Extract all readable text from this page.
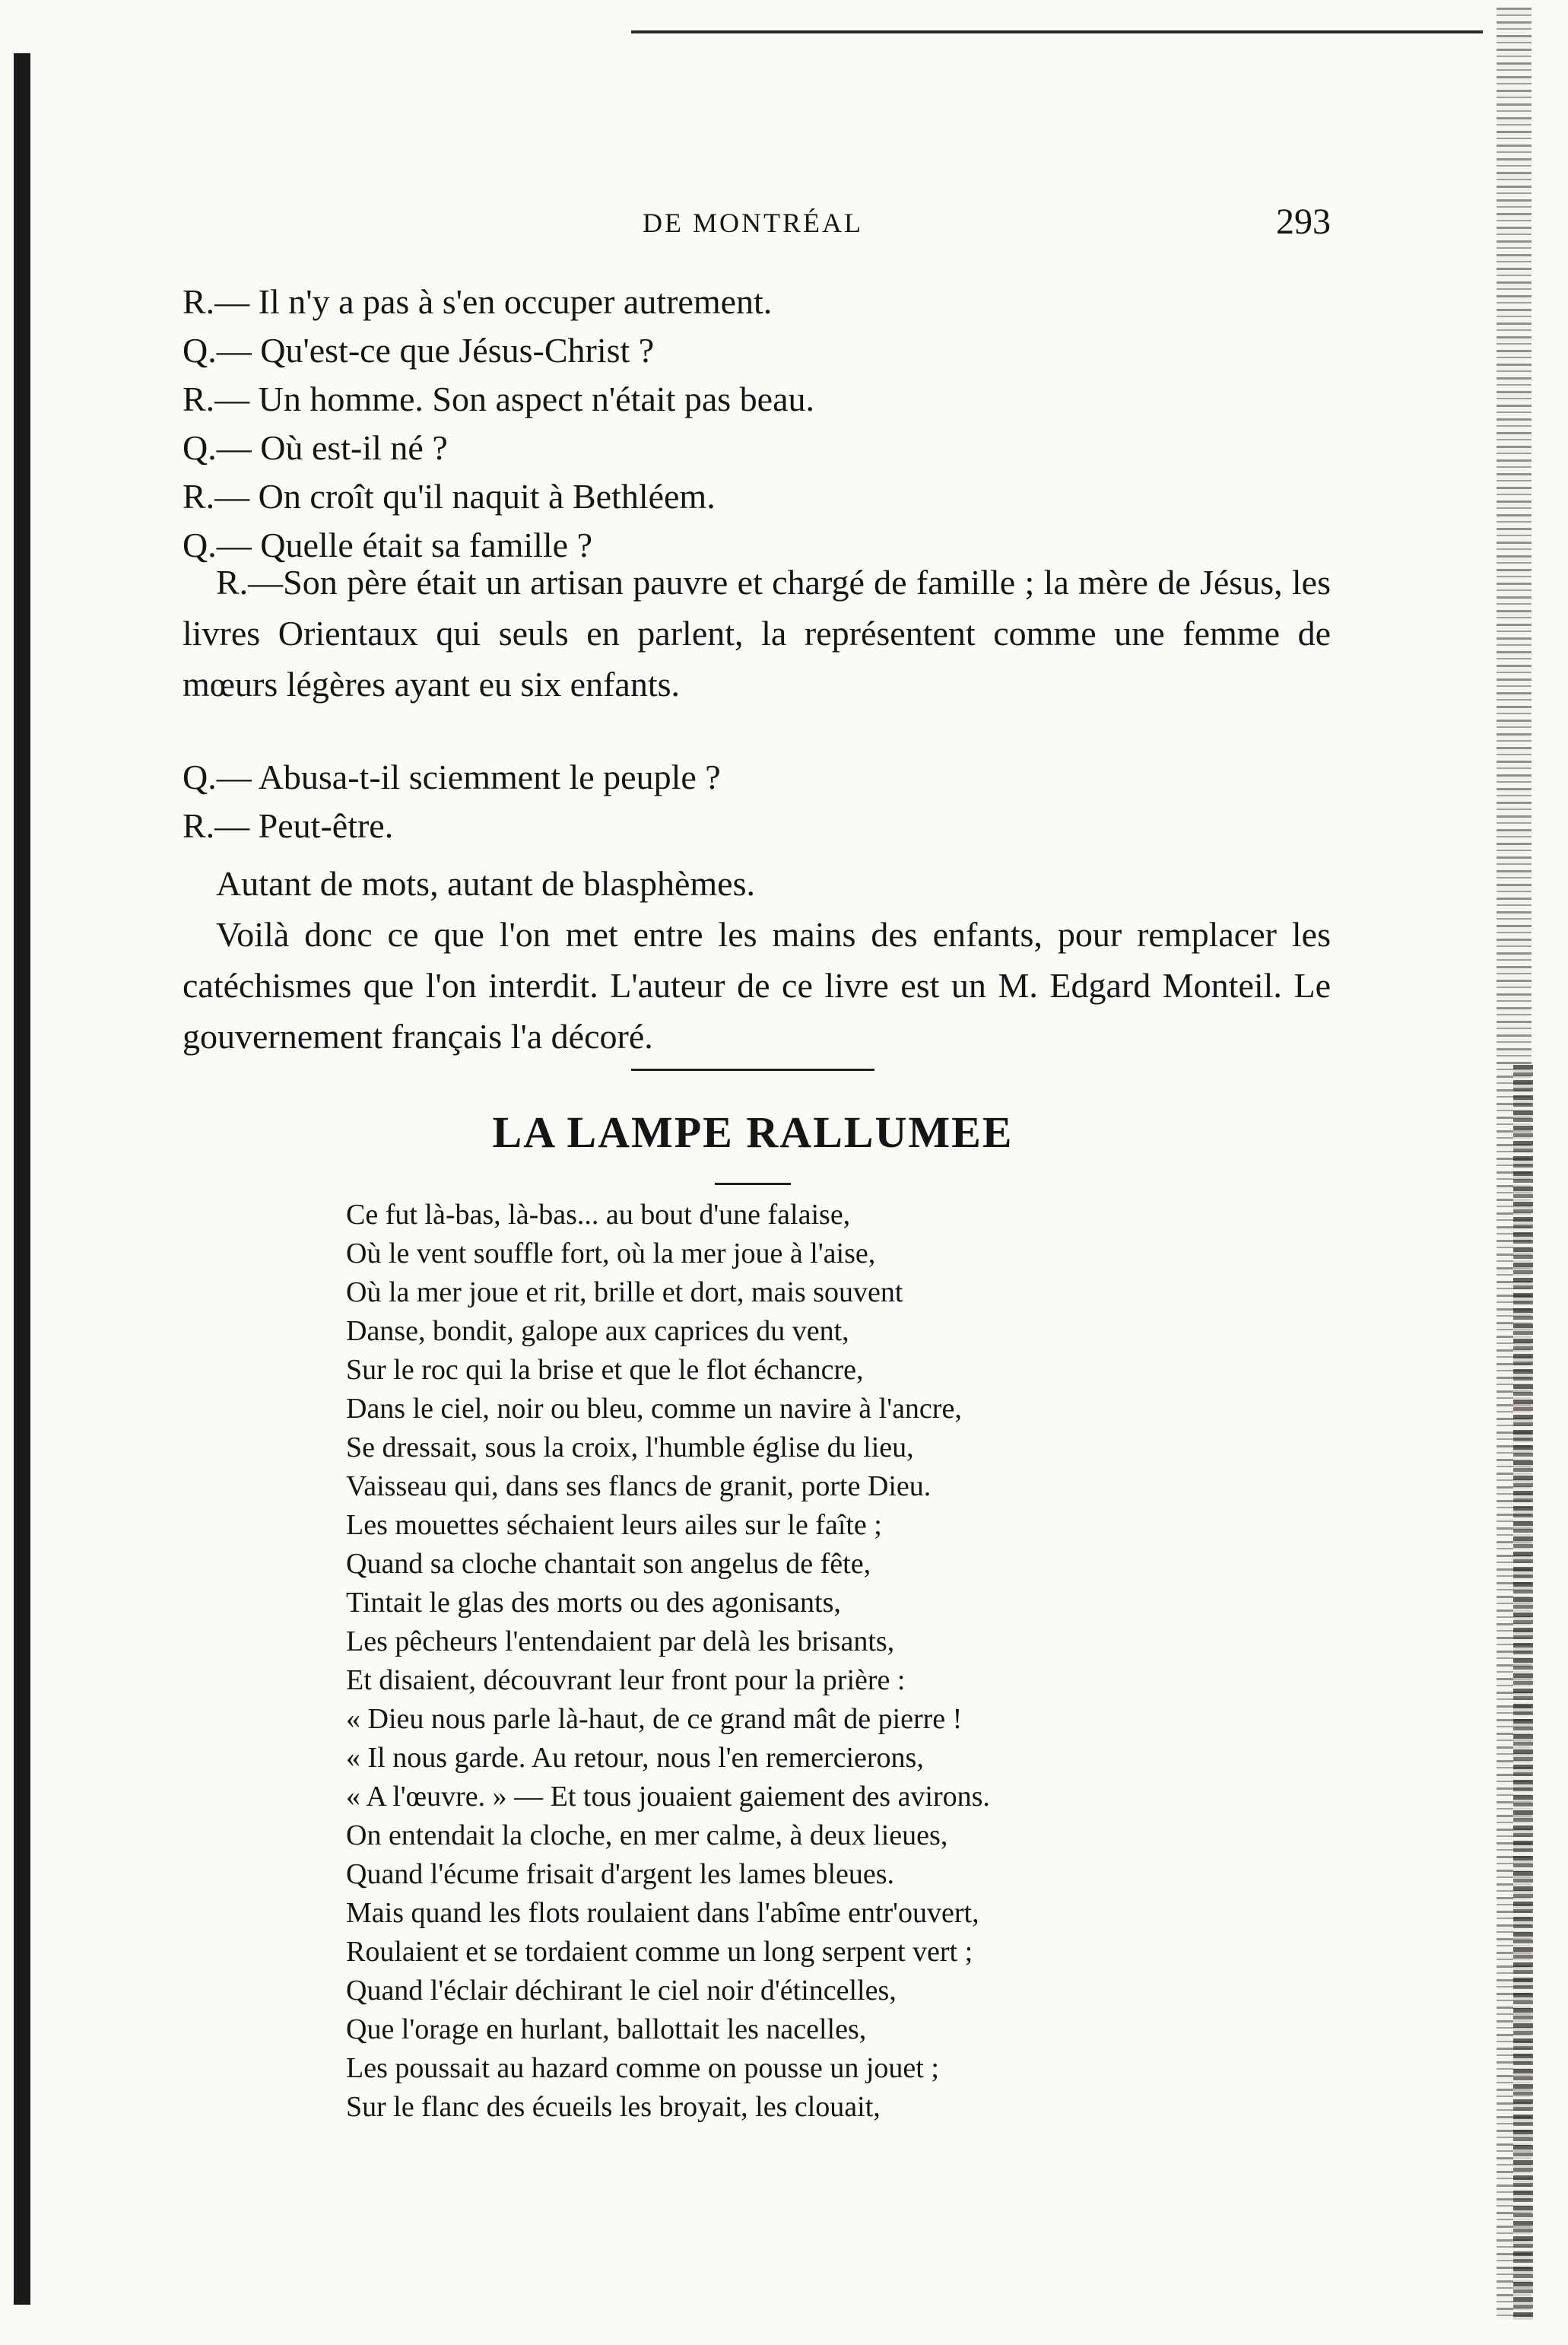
DE MONTRÉAL	293
R.— Il n'y a pas à s'en occuper autrement.
Q.— Qu'est-ce que Jésus-Christ ?
R.— Un homme. Son aspect n'était pas beau.
Q.— Où est-il né ?
R.— On croît qu'il naquit à Bethléem.
Q.— Quelle était sa famille ?

R.—Son père était un artisan pauvre et chargé de famille ; la mère de Jésus, les livres Orientaux qui seuls en parlent, la représentent comme une femme de mœurs légères ayant eu six enfants.

Q.— Abusa-t-il sciemment le peuple ?
R.— Peut-être.

Autant de mots, autant de blasphèmes.

Voilà donc ce que l'on met entre les mains des enfants, pour remplacer les catéchismes que l'on interdit. L'auteur de ce livre est un M. Edgard Monteil. Le gouvernement français l'a décoré.

LA LAMPE RALLUMEE
Ce fut là-bas, là-bas... au bout d'une falaise,
Où le vent souffle fort, où la mer joue à l'aise,
Où la mer joue et rit, brille et dort, mais souvent
Danse, bondit, galope aux caprices du vent,
Sur le roc qui la brise et que le flot échancre,
Dans le ciel, noir ou bleu, comme un navire à l'ancre,
Se dressait, sous la croix, l'humble église du lieu,
Vaisseau qui, dans ses flancs de granit, porte Dieu.
Les mouettes séchaient leurs ailes sur le faîte ;
Quand sa cloche chantait son angelus de fête,
Tintait le glas des morts ou des agonisants,
Les pêcheurs l'entendaient par delà les brisants,
Et disaient, découvrant leur front pour la prière :
« Dieu nous parle là-haut, de ce grand mât de pierre !
« Il nous garde. Au retour, nous l'en remercierons,
« A l'œuvre. » — Et tous jouaient gaiement des avirons.
On entendait la cloche, en mer calme, à deux lieues,
Quand l'écume frisait d'argent les lames bleues.
Mais quand les flots roulaient dans l'abîme entr'ouvert,
Roulaient et se tordaient comme un long serpent vert ;
Quand l'éclair déchirant le ciel noir d'étincelles,
Que l'orage en hurlant, ballottait les nacelles,
Les poussait au hazard comme on pousse un jouet ;
Sur le flanc des écueils les broyait, les clouait,
